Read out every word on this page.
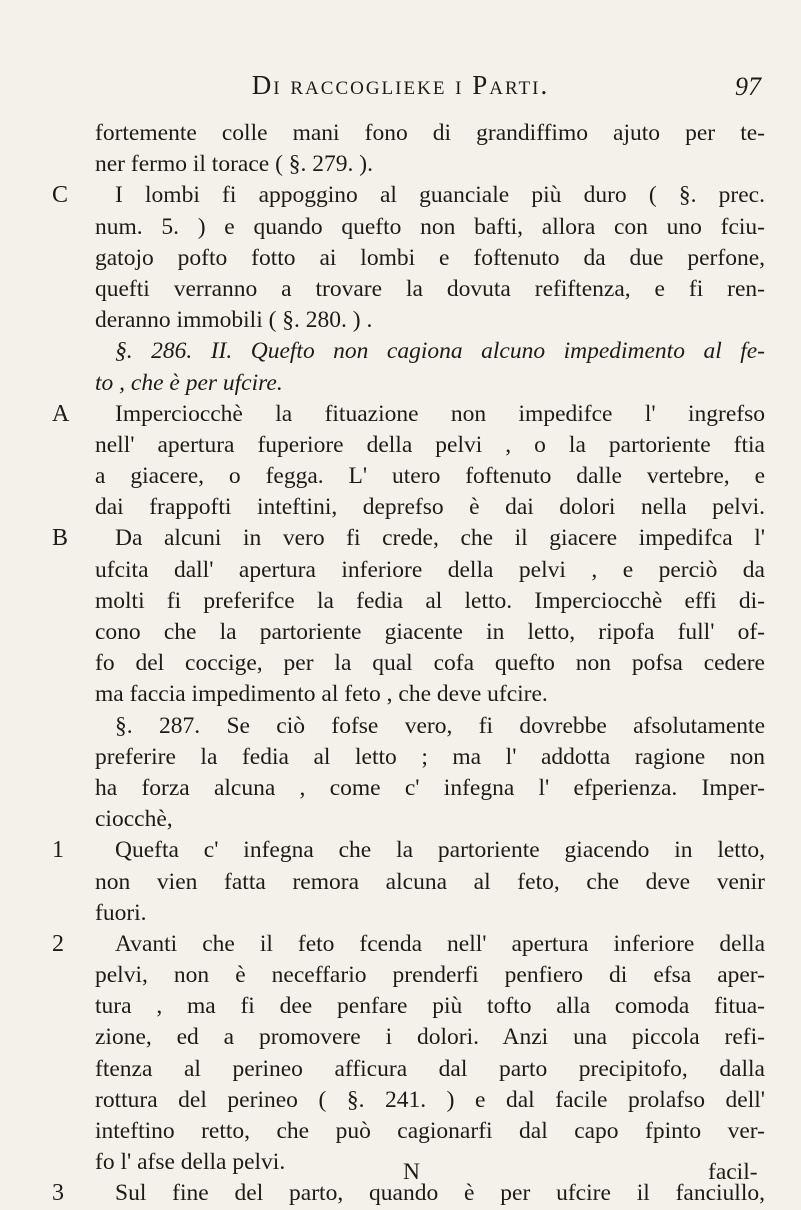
Di raccoglieke i Parti.	97
fortemente colle mani fono di grandiffimo ajuto per te-
ner fermo il torace ( §. 279. ).
C I lombi fi appoggino al guanciale più duro ( §. prec.
num. 5. ) e quando quefto non bafti, allora con uno fciu-
gatojo pofto fotto ai lombi e foftenuto da due perfone,
quefti verranno a trovare la dovuta refiftenza, e fi ren-
deranno immobili ( §. 280. ) .
§. 286. II. Quefto non cagiona alcuno impedimento al fe-
to , che è per ufcire.
A Imperciocchè la fituazione non impedifce l' ingrefso
nell' apertura fuperiore della pelvi , o la partoriente ftia
a giacere, o fegga. L' utero foftenuto dalle vertebre, e
dai frappofti inteftini, deprefso è dai dolori nella pelvi.
B Da alcuni in vero fi crede, che il giacere impedifca l'
ufcita dall' apertura inferiore della pelvi , e perciò da
molti fi preferifce la fedia al letto. Imperciocchè effi di-
cono che la partoriente giacente in letto, ripofa full' of-
fo del coccige, per la qual cofa quefto non pofsa cedere
ma faccia impedimento al feto , che deve ufcire.
§. 287. Se ciò fofse vero, fi dovrebbe afsolutamente
preferire la fedia al letto ; ma l' addotta ragione non
ha forza alcuna , come c' infegna l' efperienza. Imper-
ciocchè,
1 Quefta c' infegna che la partoriente giacendo in letto,
non vien fatta remora alcuna al feto, che deve venir
fuori.
2 Avanti che il feto fcenda nell' apertura inferiore della
pelvi, non è neceffario prenderfi penfiero di efsa aper-
tura , ma fi dee penfare più tofto alla comoda fitua-
zione, ed a promovere i dolori. Anzi una piccola refi-
ftenza al perineo afficura dal parto precipitofo, dalla
rottura del perineo ( §. 241. ) e dal facile prolafso dell'
inteftino retto, che può cagionarfi dal capo fpinto ver-
fo l' afse della pelvi.
3 Sul fine del parto, quando è per ufcire il fanciullo,
N	facil-
